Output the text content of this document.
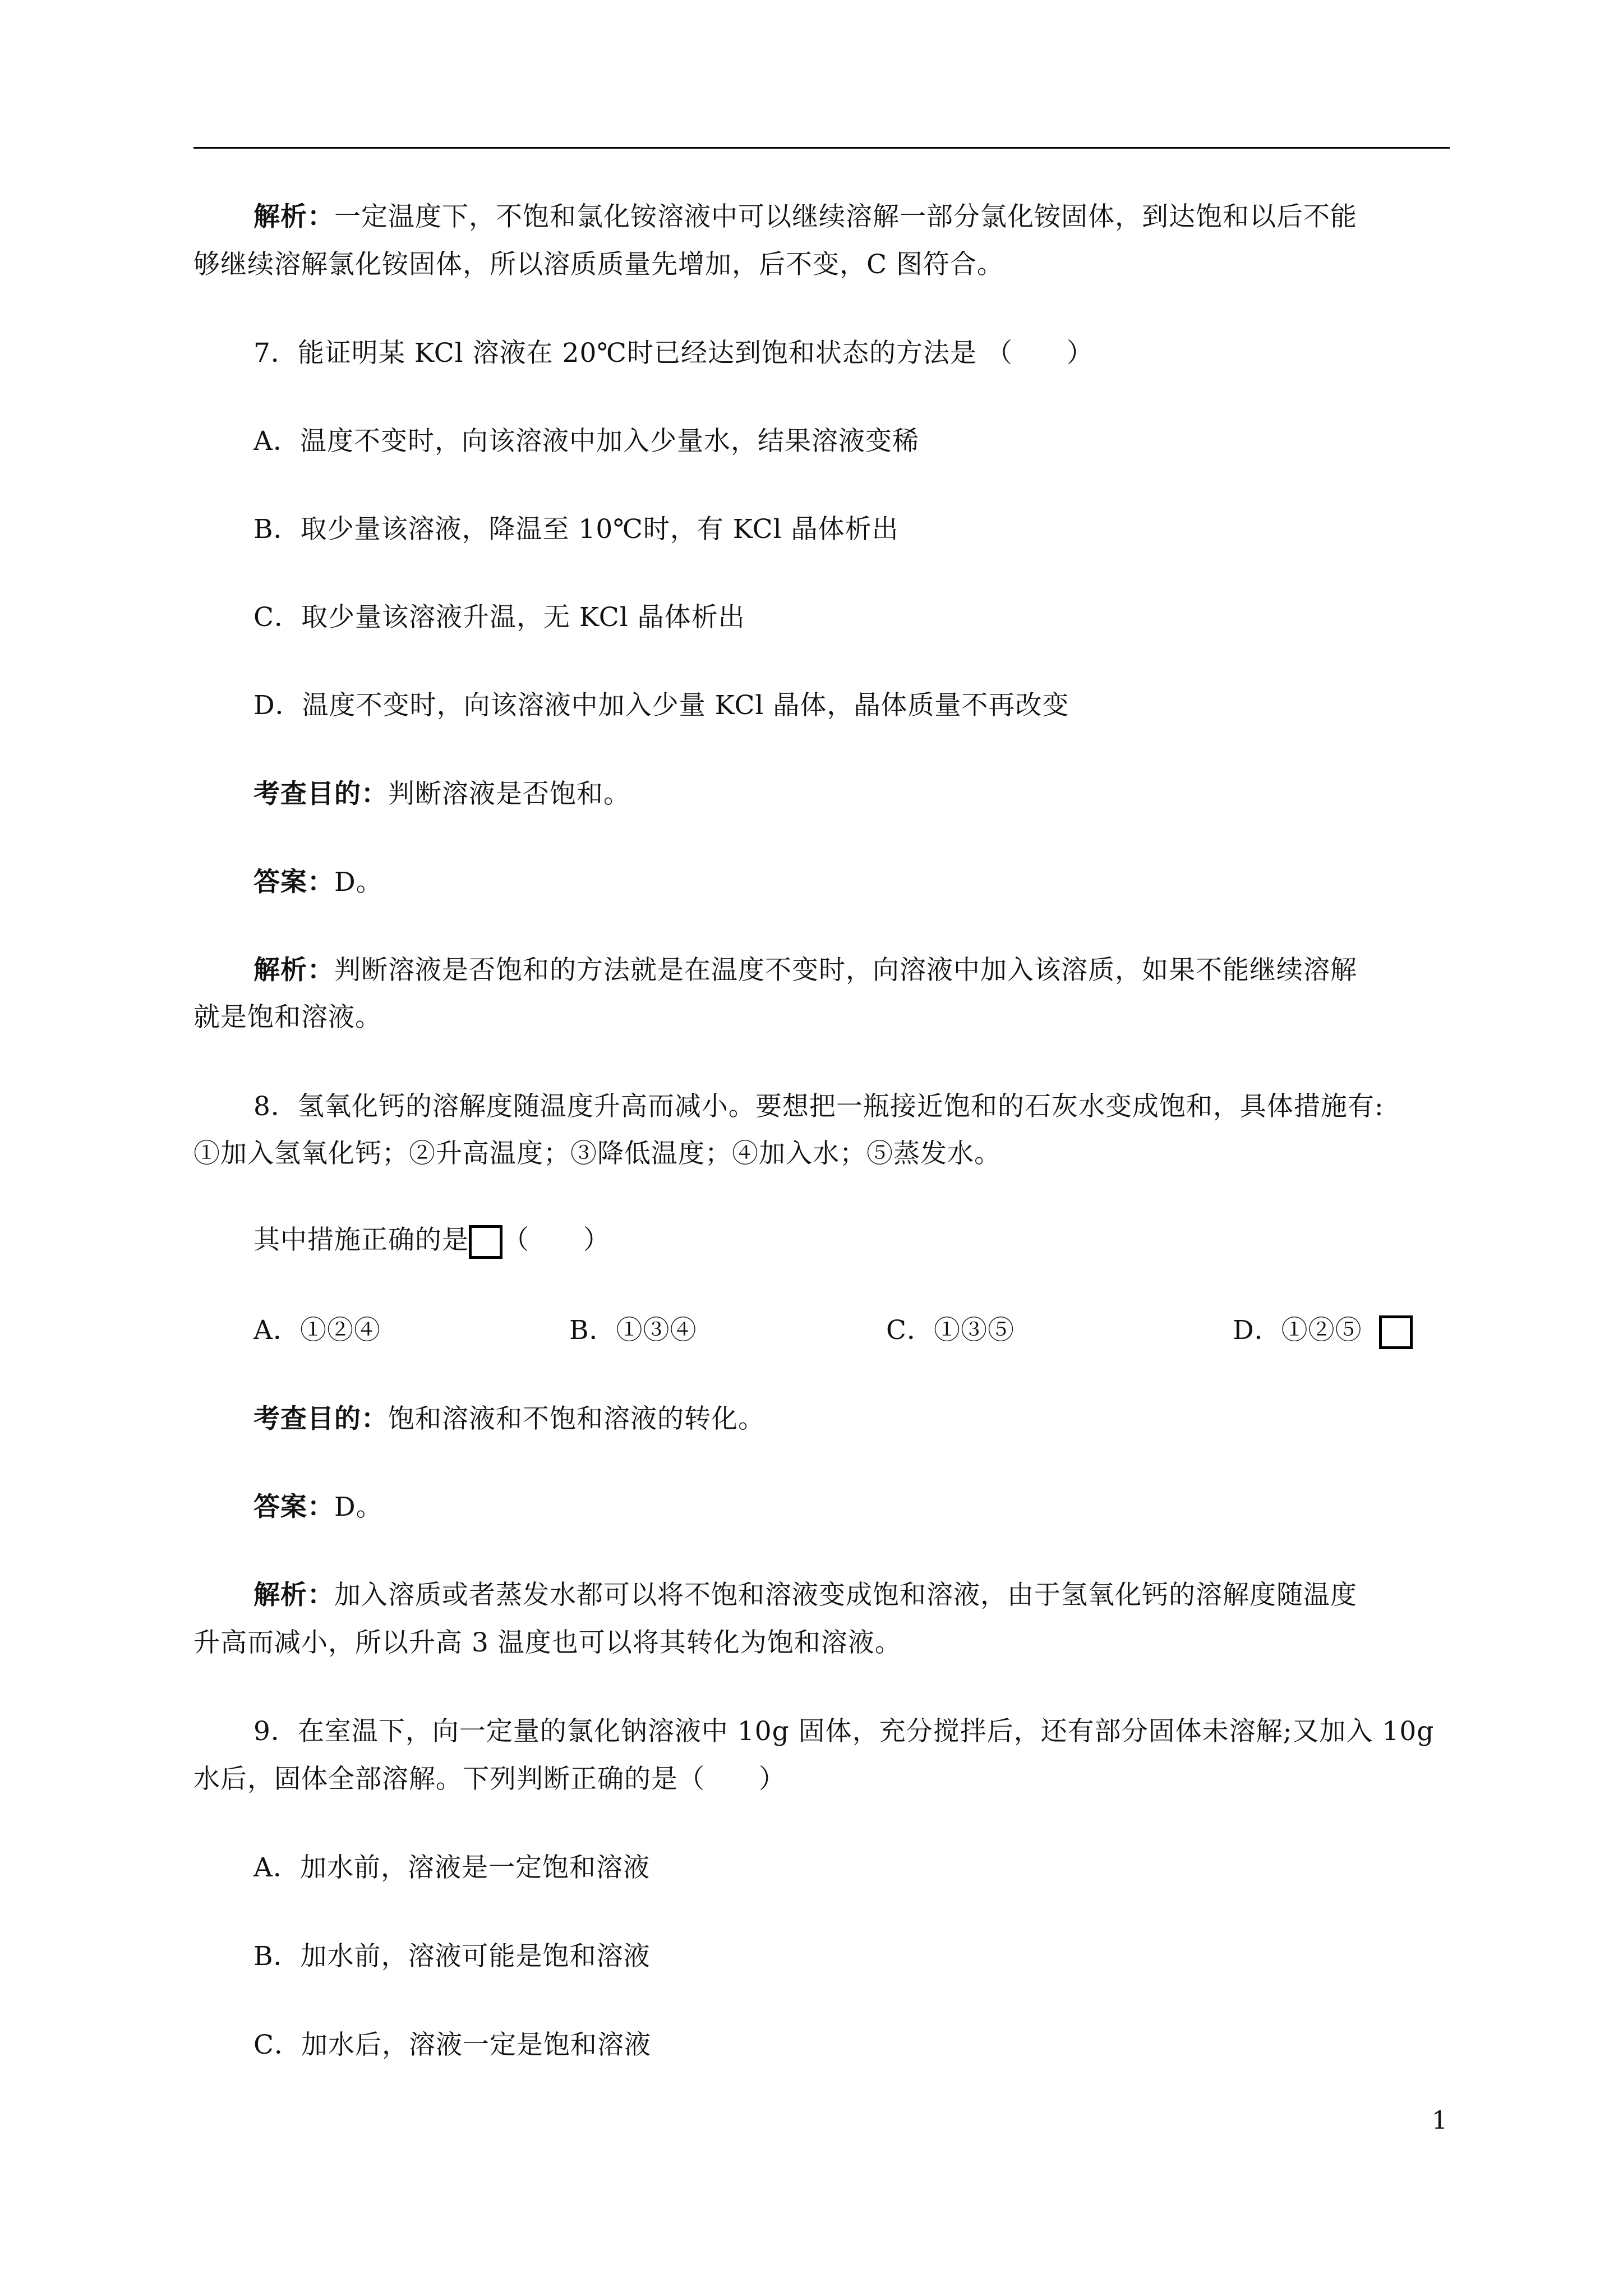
解析：一定温度下，不饱和氯化铵溶液中可以继续溶解一部分氯化铵固体，到达饱和以后不能
够继续溶解氯化铵固体，所以溶质质量先增加，后不变，C 图符合。
7．能证明某 KCl 溶液在 20℃时已经达到饱和状态的方法是 （　　）
A．温度不变时，向该溶液中加入少量水，结果溶液变稀
B．取少量该溶液，降温至 10℃时，有 KCl 晶体析出
C．取少量该溶液升温，无 KCl 晶体析出
D．温度不变时，向该溶液中加入少量 KCl 晶体，晶体质量不再改变
考查目的：判断溶液是否饱和。
答案：D。
解析：判断溶液是否饱和的方法就是在温度不变时，向溶液中加入该溶质，如果不能继续溶解
就是饱和溶液。
8．氢氧化钙的溶解度随温度升高而减小。要想把一瓶接近饱和的石灰水变成饱和，具体措施有:
①加入氢氧化钙；②升高温度；③降低温度；④加入水；⑤蒸发水。
其中措施正确的是 （　　）
A．①②④	B．①③④	C．①③⑤	D．①②⑤
考查目的：饱和溶液和不饱和溶液的转化。
答案：D。
解析：加入溶质或者蒸发水都可以将不饱和溶液变成饱和溶液，由于氢氧化钙的溶解度随温度
升高而减小，所以升高 3 温度也可以将其转化为饱和溶液。
9．在室温下，向一定量的氯化钠溶液中 10g 固体，充分搅拌后，还有部分固体未溶解;又加入 10g
水后，固体全部溶解。下列判断正确的是（　　）
A．加水前，溶液是一定饱和溶液
B．加水前，溶液可能是饱和溶液
C．加水后，溶液一定是饱和溶液
1
